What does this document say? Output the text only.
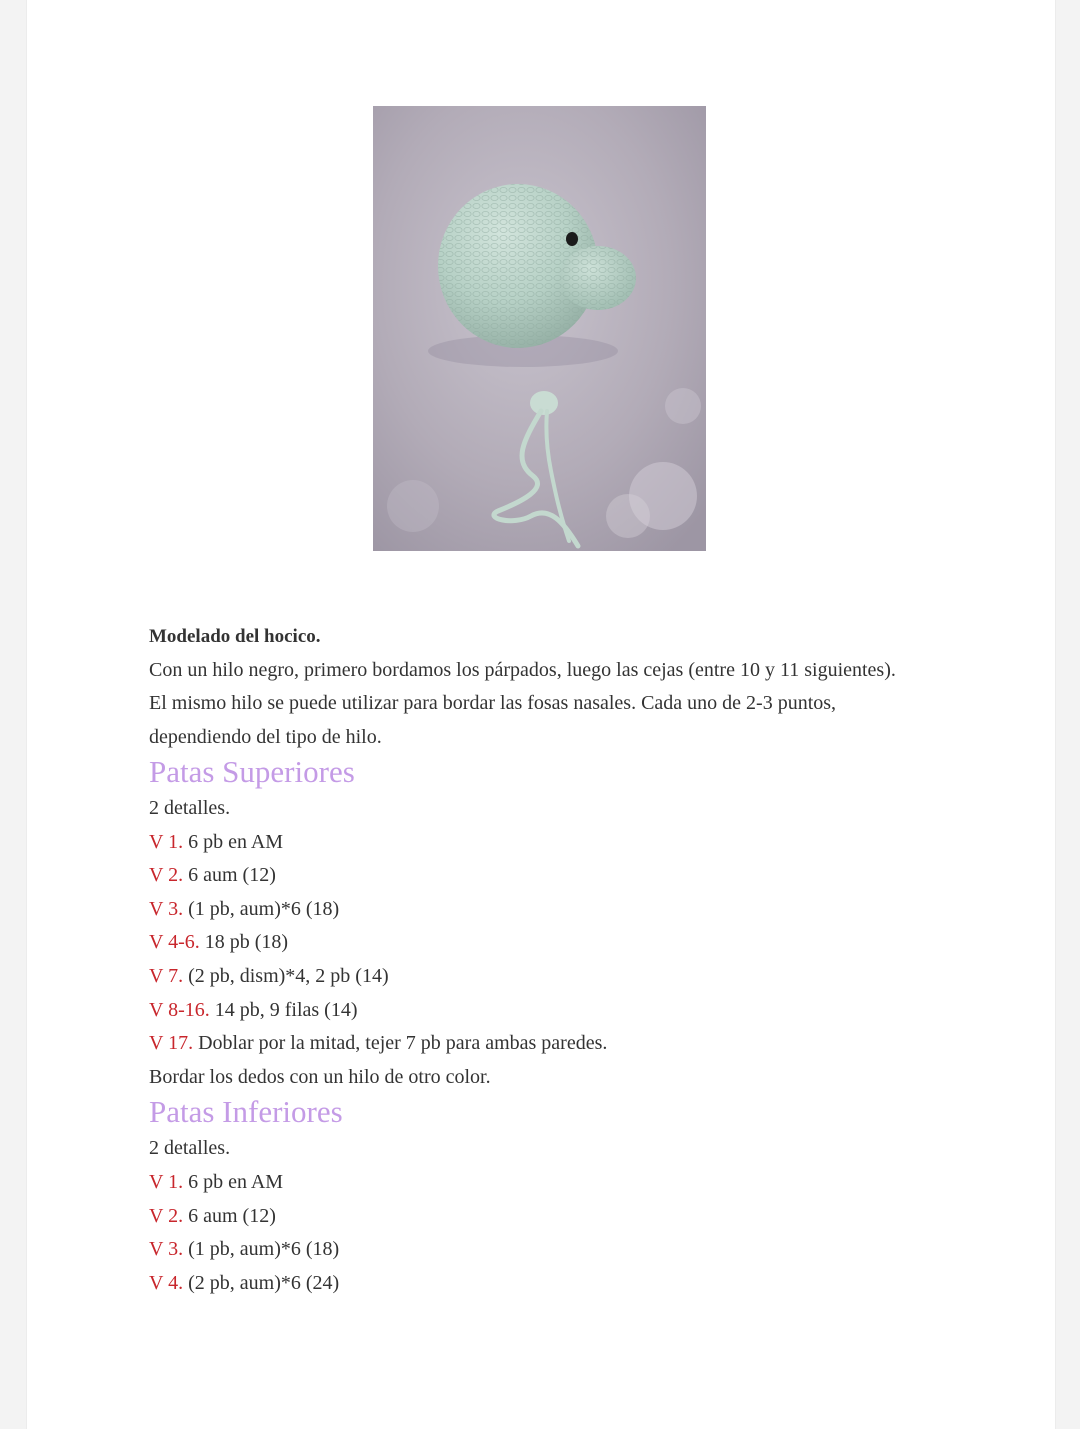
Modelado del hocico.

Con un hilo negro, primero bordamos los párpados, luego las cejas (entre 10 y 11 siguientes).

El mismo hilo se puede utilizar para bordar las fosas nasales. Cada uno de 2-3 puntos,

dependiendo del tipo de hilo.

Patas Superiores
2 detalles.
V 1. 6 pb en AM
V 2. 6 aum (12)
V 3. (1 pb, aum)*6 (18)
V 4-6. 18 pb (18)
V 7. (2 pb, dism)*4, 2 pb (14)
V 8-16. 14 pb, 9 filas (14)
V 17. Doblar por la mitad, tejer 7 pb para ambas paredes.
Bordar los dedos con un hilo de otro color.
Patas Inferiores
2 detalles.
V 1. 6 pb en AM
V 2. 6 aum (12)
V 3. (1 pb, aum)*6 (18)
V 4. (2 pb, aum)*6 (24)
